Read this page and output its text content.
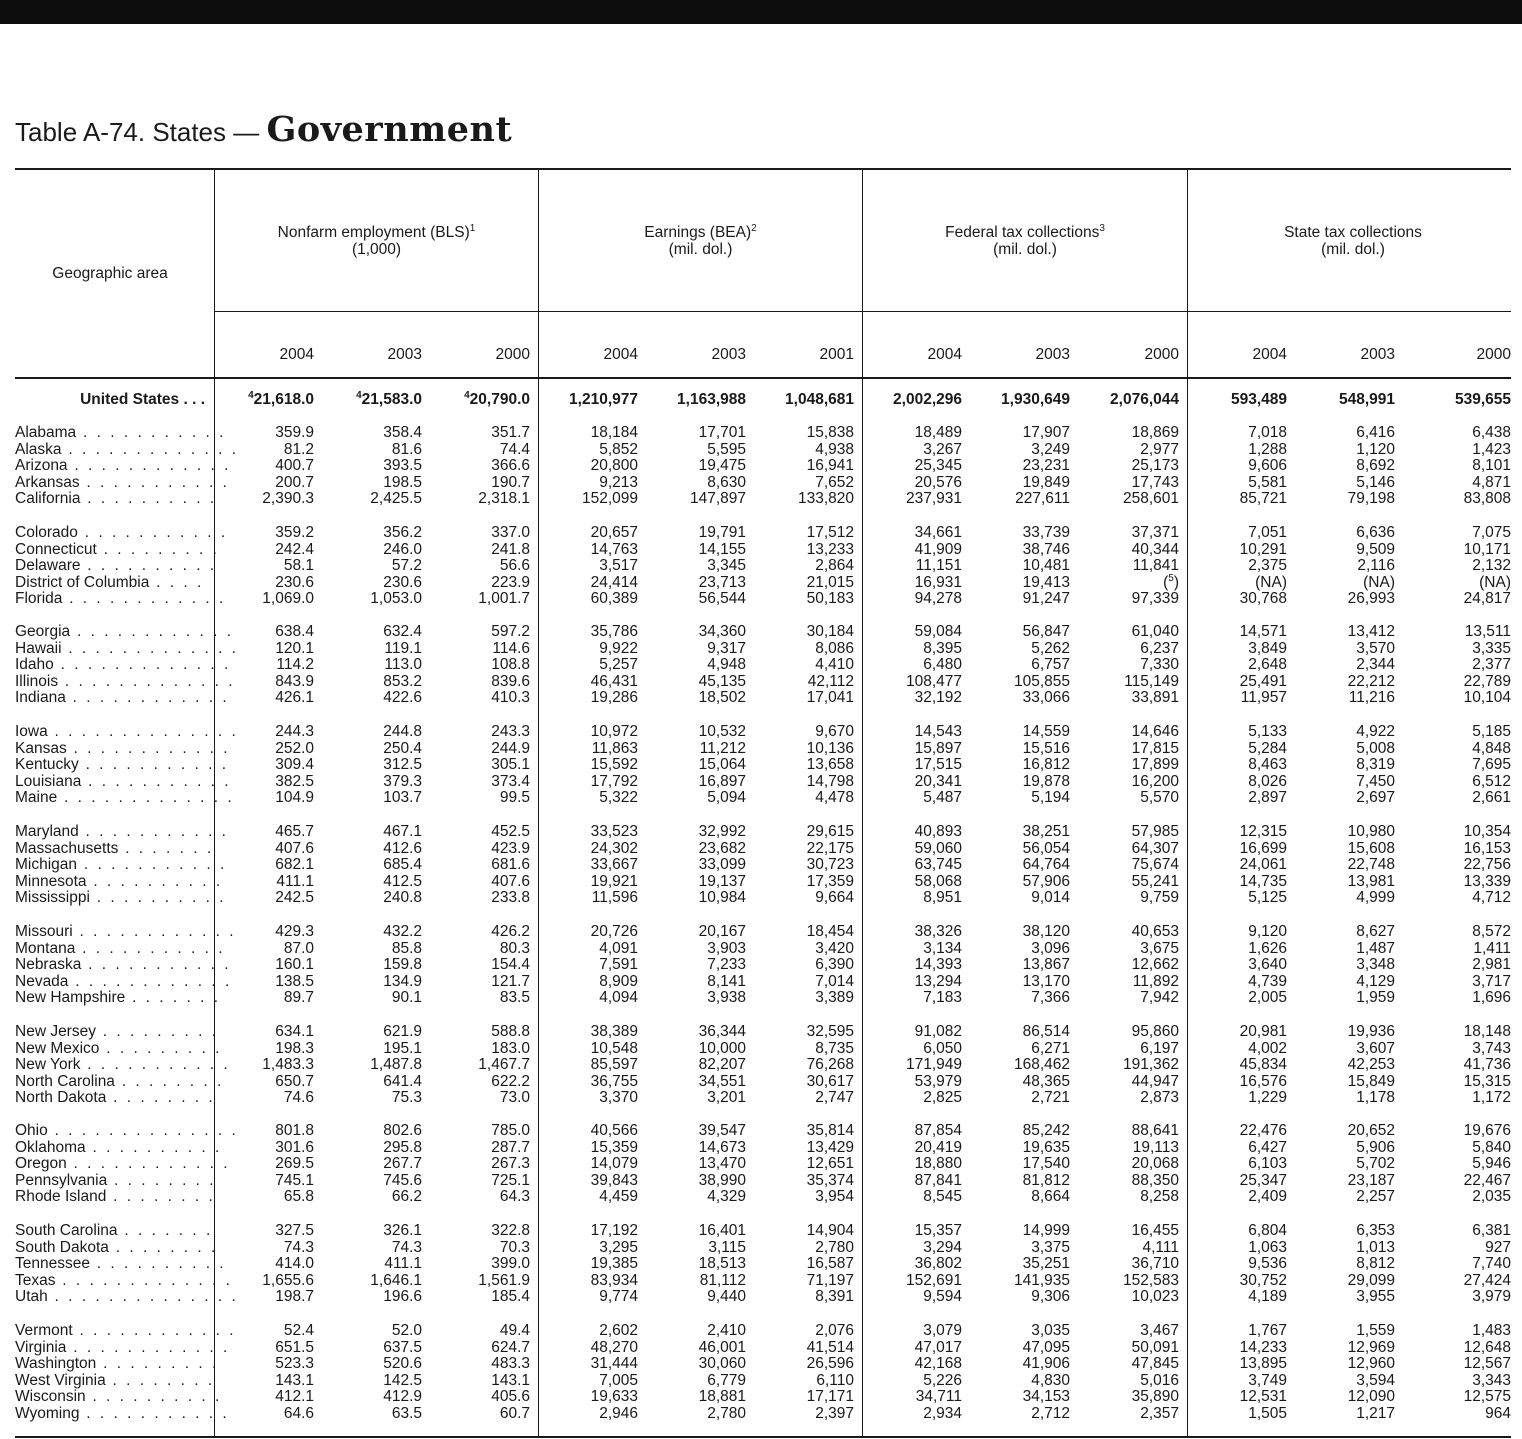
Table A-74. States — Government
Geographic area
Nonfarm employment (BLS)$^1$
(1,000)
Earnings (BEA)$^2$
(mil. dol.)
Federal tax collections$^3$
(mil. dol.)
State tax collections
(mil. dol.)
2004	2003	2000	2004	2003	2001	2004	2003	2000	2004	2003	2000
United States . . .	$^4$21,618.0	$^4$21,583.0	$^4$20,790.0	1,210,977	1,163,988	1,048,681	2,002,296	1,930,649	2,076,044	593,489	548,991	539,655
Alabama . . . . . . . . . . .	359.9	358.4	351.7	18,184	17,701	15,838	18,489	17,907	18,869	7,018	6,416	6,438
Alaska . . . . . . . . . . . . .	81.2	81.6	74.4	5,852	5,595	4,938	3,267	3,249	2,977	1,288	1,120	1,423
Arizona . . . . . . . . . . . .	400.7	393.5	366.6	20,800	19,475	16,941	25,345	23,231	25,173	9,606	8,692	8,101
Arkansas . . . . . . . . . . .	200.7	198.5	190.7	9,213	8,630	7,652	20,576	19,849	17,743	5,581	5,146	4,871
California . . . . . . . . . .	2,390.3	2,425.5	2,318.1	152,099	147,897	133,820	237,931	227,611	258,601	85,721	79,198	83,808
Colorado . . . . . . . . . . .	359.2	356.2	337.0	20,657	19,791	17,512	34,661	33,739	37,371	7,051	6,636	7,075
Connecticut . . . . . . . . .	242.4	246.0	241.8	14,763	14,155	13,233	41,909	38,746	40,344	10,291	9,509	10,171
Delaware . . . . . . . . . .	58.1	57.2	56.6	3,517	3,345	2,864	11,151	10,481	11,841	2,375	2,116	2,132
District of Columbia . . . .	230.6	230.6	223.9	24,414	23,713	21,015	16,931	19,413	($^5$)	(NA)	(NA)	(NA)
Florida . . . . . . . . . . . .	1,069.0	1,053.0	1,001.7	60,389	56,544	50,183	94,278	91,247	97,339	30,768	26,993	24,817
Georgia . . . . . . . . . . . .	638.4	632.4	597.2	35,786	34,360	30,184	59,084	56,847	61,040	14,571	13,412	13,511
Hawaii . . . . . . . . . . . . .	120.1	119.1	114.6	9,922	9,317	8,086	8,395	5,262	6,237	3,849	3,570	3,335
Idaho . . . . . . . . . . . . .	114.2	113.0	108.8	5,257	4,948	4,410	6,480	6,757	7,330	2,648	2,344	2,377
Illinois . . . . . . . . . . . . .	843.9	853.2	839.6	46,431	45,135	42,112	108,477	105,855	115,149	25,491	22,212	22,789
Indiana . . . . . . . . . . . .	426.1	422.6	410.3	19,286	18,502	17,041	32,192	33,066	33,891	11,957	11,216	10,104
Iowa . . . . . . . . . . . . . .	244.3	244.8	243.3	10,972	10,532	9,670	14,543	14,559	14,646	5,133	4,922	5,185
Kansas . . . . . . . . . . . .	252.0	250.4	244.9	11,863	11,212	10,136	15,897	15,516	17,815	5,284	5,008	4,848
Kentucky . . . . . . . . . . .	309.4	312.5	305.1	15,592	15,064	13,658	17,515	16,812	17,899	8,463	8,319	7,695
Louisiana . . . . . . . . . . .	382.5	379.3	373.4	17,792	16,897	14,798	20,341	19,878	16,200	8,026	7,450	6,512
Maine . . . . . . . . . . . . .	104.9	103.7	99.5	5,322	5,094	4,478	5,487	5,194	5,570	2,897	2,697	2,661
Maryland . . . . . . . . . . .	465.7	467.1	452.5	33,523	32,992	29,615	40,893	38,251	57,985	12,315	10,980	10,354
Massachusetts . . . . . . .	407.6	412.6	423.9	24,302	23,682	22,175	59,060	56,054	64,307	16,699	15,608	16,153
Michigan . . . . . . . . . . .	682.1	685.4	681.6	33,667	33,099	30,723	63,745	64,764	75,674	24,061	22,748	22,756
Minnesota . . . . . . . . . .	411.1	412.5	407.6	19,921	19,137	17,359	58,068	57,906	55,241	14,735	13,981	13,339
Mississippi . . . . . . . . . .	242.5	240.8	233.8	11,596	10,984	9,664	8,951	9,014	9,759	5,125	4,999	4,712
Missouri . . . . . . . . . . . .	429.3	432.2	426.2	20,726	20,167	18,454	38,326	38,120	40,653	9,120	8,627	8,572
Montana . . . . . . . . . . .	87.0	85.8	80.3	4,091	3,903	3,420	3,134	3,096	3,675	1,626	1,487	1,411
Nebraska . . . . . . . . . . .	160.1	159.8	154.4	7,591	7,233	6,390	14,393	13,867	12,662	3,640	3,348	2,981
Nevada . . . . . . . . . . . .	138.5	134.9	121.7	8,909	8,141	7,014	13,294	13,170	11,892	4,739	4,129	3,717
New Hampshire . . . . . . .	89.7	90.1	83.5	4,094	3,938	3,389	7,183	7,366	7,942	2,005	1,959	1,696
New Jersey . . . . . . . . .	634.1	621.9	588.8	38,389	36,344	32,595	91,082	86,514	95,860	20,981	19,936	18,148
New Mexico . . . . . . . . .	198.3	195.1	183.0	10,548	10,000	8,735	6,050	6,271	6,197	4,002	3,607	3,743
New York . . . . . . . . . . .	1,483.3	1,487.8	1,467.7	85,597	82,207	76,268	171,949	168,462	191,362	45,834	42,253	41,736
North Carolina . . . . . . . .	650.7	641.4	622.2	36,755	34,551	30,617	53,979	48,365	44,947	16,576	15,849	15,315
North Dakota . . . . . . . .	74.6	75.3	73.0	3,370	3,201	2,747	2,825	2,721	2,873	1,229	1,178	1,172
Ohio . . . . . . . . . . . . . .	801.8	802.6	785.0	40,566	39,547	35,814	87,854	85,242	88,641	22,476	20,652	19,676
Oklahoma . . . . . . . . . .	301.6	295.8	287.7	15,359	14,673	13,429	20,419	19,635	19,113	6,427	5,906	5,840
Oregon . . . . . . . . . . . .	269.5	267.7	267.3	14,079	13,470	12,651	18,880	17,540	20,068	6,103	5,702	5,946
Pennsylvania . . . . . . . .	745.1	745.6	725.1	39,843	38,990	35,374	87,841	81,812	88,350	25,347	23,187	22,467
Rhode Island . . . . . . . .	65.8	66.2	64.3	4,459	4,329	3,954	8,545	8,664	8,258	2,409	2,257	2,035
South Carolina . . . . . . .	327.5	326.1	322.8	17,192	16,401	14,904	15,357	14,999	16,455	6,804	6,353	6,381
South Dakota . . . . . . . .	74.3	74.3	70.3	3,295	3,115	2,780	3,294	3,375	4,111	1,063	1,013	927
Tennessee . . . . . . . . . .	414.0	411.1	399.0	19,385	18,513	16,587	36,802	35,251	36,710	9,536	8,812	7,740
Texas . . . . . . . . . . . . .	1,655.6	1,646.1	1,561.9	83,934	81,112	71,197	152,691	141,935	152,583	30,752	29,099	27,424
Utah . . . . . . . . . . . . . .	198.7	196.6	185.4	9,774	9,440	8,391	9,594	9,306	10,023	4,189	3,955	3,979
Vermont . . . . . . . . . . . .	52.4	52.0	49.4	2,602	2,410	2,076	3,079	3,035	3,467	1,767	1,559	1,483
Virginia . . . . . . . . . . . .	651.5	637.5	624.7	48,270	46,001	41,514	47,017	47,095	50,091	14,233	12,969	12,648
Washington . . . . . . . . .	523.3	520.6	483.3	31,444	30,060	26,596	42,168	41,906	47,845	13,895	12,960	12,567
West Virginia . . . . . . . .	143.1	142.5	143.1	7,005	6,779	6,110	5,226	4,830	5,016	3,749	3,594	3,343
Wisconsin . . . . . . . . . .	412.1	412.9	405.6	19,633	18,881	17,171	34,711	34,153	35,890	12,531	12,090	12,575
Wyoming . . . . . . . . . . .	64.6	63.5	60.7	2,946	2,780	2,397	2,934	2,712	2,357	1,505	1,217	964
